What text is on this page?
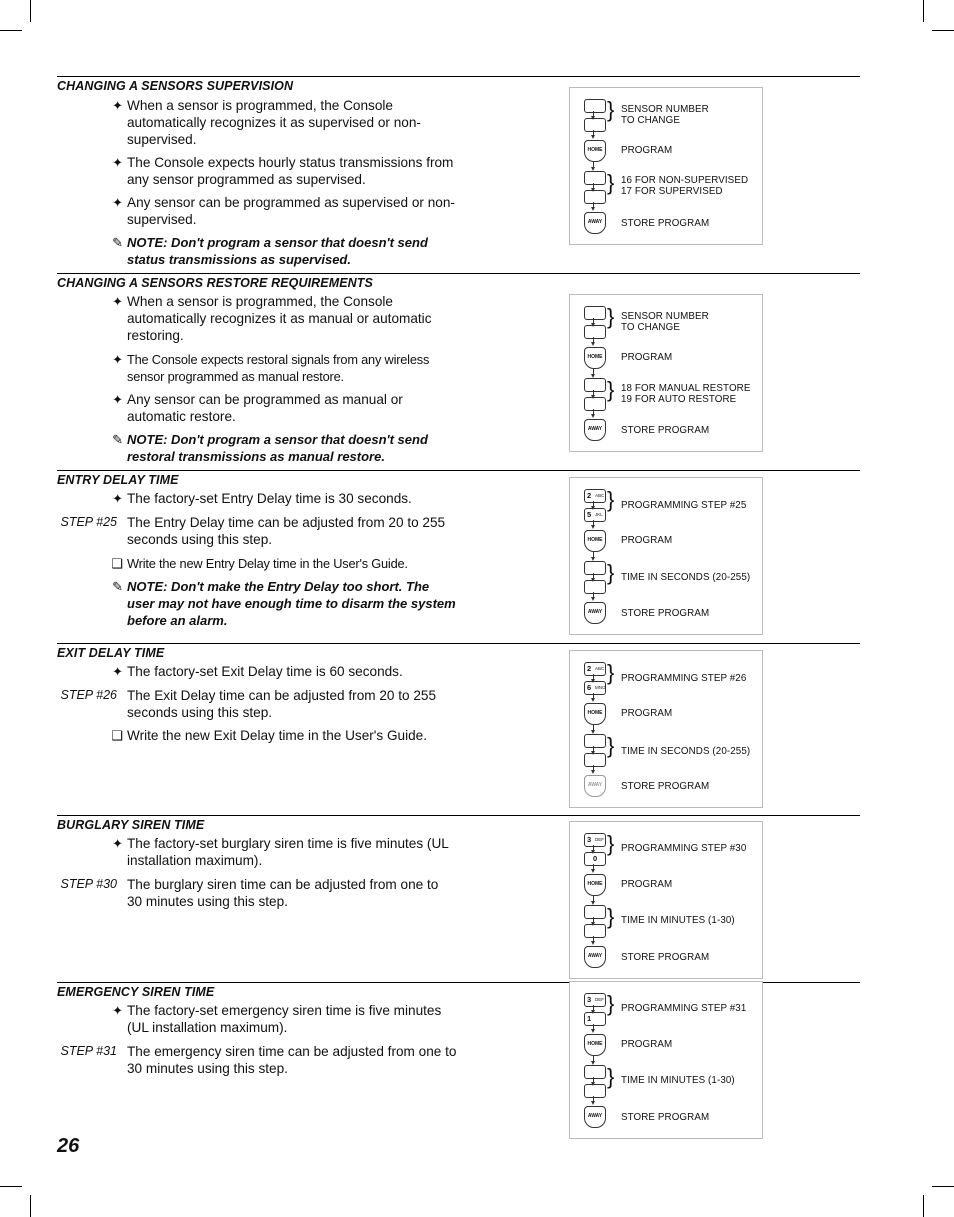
CHANGING A SENSORS SUPERVISION
✦ When a sensor is programmed, the Console automatically recognizes it as supervised or non-supervised.
✦ The Console expects hourly status transmissions from any sensor programmed as supervised.
✦ Any sensor can be programmed as supervised or non-supervised.
✎ NOTE: Don't program a sensor that doesn't send status transmissions as supervised.
HOME
AWAY
}
}
SENSOR NUMBER TO CHANGE
PROGRAM
16 FOR NON-SUPERVISED 17 FOR SUPERVISED
STORE PROGRAM
CHANGING A SENSORS RESTORE REQUIREMENTS
✦ When a sensor is programmed, the Console automatically recognizes it as manual or automatic restoring.
✦ The Console expects restoral signals from any wireless sensor programmed as manual restore.
✦ Any sensor can be programmed as manual or automatic restore.
✎ NOTE: Don't program a sensor that doesn't send restoral transmissions as manual restore.
HOME
AWAY
}
}
SENSOR NUMBER TO CHANGE
PROGRAM
18 FOR MANUAL RESTORE 19 FOR AUTO RESTORE
STORE PROGRAM
ENTRY DELAY TIME
✦ The factory-set Entry Delay time is 30 seconds.
STEP #25 The Entry Delay time can be adjusted from 20 to 255 seconds using this step.
❑ Write the new Entry Delay time in the User's Guide.
✎ NOTE: Don't make the Entry Delay too short. The user may not have enough time to disarm the system before an alarm.
2 ABC
5 JKL
HOME
AWAY
}
}
PROGRAMMING STEP #25
PROGRAM
TIME IN SECONDS (20-255)
STORE PROGRAM
EXIT DELAY TIME
✦ The factory-set Exit Delay time is 60 seconds.
STEP #26 The Exit Delay time can be adjusted from 20 to 255 seconds using this step.
❑ Write the new Exit Delay time in the User's Guide.
2 ABC
6 MNO
HOME
AWAY
}
}
PROGRAMMING STEP #26
PROGRAM
TIME IN SECONDS (20-255)
STORE PROGRAM
BURGLARY SIREN TIME
✦ The factory-set burglary siren time is five minutes (UL installation maximum).
STEP #30 The burglary siren time can be adjusted from one to 30 minutes using this step.
3 DEF
0
HOME
AWAY
}
}
PROGRAMMING STEP #30
PROGRAM
TIME IN MINUTES (1-30)
STORE PROGRAM
EMERGENCY SIREN TIME
✦ The factory-set emergency siren time is five minutes (UL installation maximum).
STEP #31 The emergency siren time can be adjusted from one to 30 minutes using this step.
3 DEF
1
HOME
AWAY
}
}
PROGRAMMING STEP #31
PROGRAM
TIME IN MINUTES (1-30)
STORE PROGRAM
26
